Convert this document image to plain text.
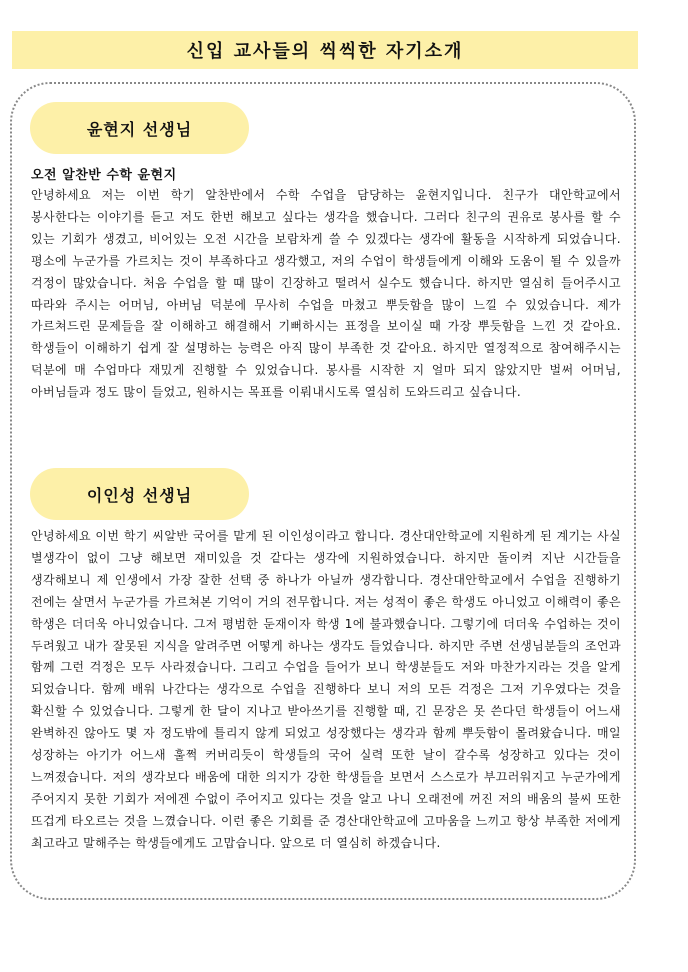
신입 교사들의 씩씩한 자기소개
윤현지 선생님
오전 알찬반 수학 윤현지

안녕하세요 저는 이번 학기 알찬반에서 수학 수업을 담당하는 윤현지입니다. 친구가 대안학교에서 봉사한다는 이야기를 듣고 저도 한번 해보고 싶다는 생각을 했습니다. 그러다 친구의 권유로 봉사를 할 수 있는 기회가 생겼고, 비어있는 오전 시간을 보람차게 쓸 수 있겠다는 생각에 활동을 시작하게 되었습니다. 평소에 누군가를 가르치는 것이 부족하다고 생각했고, 저의 수업이 학생들에게 이해와 도움이 될 수 있을까 걱정이 많았습니다. 처음 수업을 할 때 많이 긴장하고 떨려서 실수도 했습니다. 하지만 열심히 들어주시고 따라와 주시는 어머님, 아버님 덕분에 무사히 수업을 마쳤고 뿌듯함을 많이 느낄 수 있었습니다. 제가 가르쳐드린 문제들을 잘 이해하고 해결해서 기뻐하시는 표정을 보이실 때 가장 뿌듯함을 느낀 것 같아요. 학생들이 이해하기 쉽게 잘 설명하는 능력은 아직 많이 부족한 것 같아요. 하지만 열정적으로 참여해주시는 덕분에 매 수업마다 재밌게 진행할 수 있었습니다. 봉사를 시작한 지 얼마 되지 않았지만 벌써 어머님, 아버님들과 정도 많이 들었고, 원하시는 목표를 이뤄내시도록 열심히 도와드리고 싶습니다.

이인성 선생님

안녕하세요 이번 학기 씨알반 국어를 맡게 된 이인성이라고 합니다. 경산대안학교에 지원하게 된 계기는 사실 별생각이 없이 그냥 해보면 재미있을 것 같다는 생각에 지원하였습니다. 하지만 돌이켜 지난 시간들을 생각해보니 제 인생에서 가장 잘한 선택 중 하나가 아닐까 생각합니다. 경산대안학교에서 수업을 진행하기 전에는 살면서 누군가를 가르쳐본 기억이 거의 전무합니다. 저는 성적이 좋은 학생도 아니었고 이해력이 좋은 학생은 더더욱 아니었습니다. 그저 평범한 둔재이자 학생 1에 불과했습니다. 그렇기에 더더욱 수업하는 것이 두려웠고 내가 잘못된 지식을 알려주면 어떻게 하나는 생각도 들었습니다. 하지만 주변 선생님분들의 조언과 함께 그런 걱정은 모두 사라졌습니다. 그리고 수업을 들어가 보니 학생분들도 저와 마찬가지라는 것을 알게 되었습니다. 함께 배워 나간다는 생각으로 수업을 진행하다 보니 저의 모든 걱정은 그저 기우였다는 것을 확신할 수 있었습니다. 그렇게 한 달이 지나고 받아쓰기를 진행할 때, 긴 문장은 못 쓴다던 학생들이 어느새 완벽하진 않아도 몇 자 정도밖에 틀리지 않게 되었고 성장했다는 생각과 함께 뿌듯함이 몰려왔습니다. 매일 성장하는 아기가 어느새 훌쩍 커버리듯이 학생들의 국어 실력 또한 날이 갈수록 성장하고 있다는 것이 느껴졌습니다. 저의 생각보다 배움에 대한 의지가 강한 학생들을 보면서 스스로가 부끄러워지고 누군가에게 주어지지 못한 기회가 저에겐 수없이 주어지고 있다는 것을 알고 나니 오래전에 꺼진 저의 배움의 불씨 또한 뜨겁게 타오르는 것을 느꼈습니다. 이런 좋은 기회를 준 경산대안학교에 고마움을 느끼고 항상 부족한 저에게 최고라고 말해주는 학생들에게도 고맙습니다. 앞으로 더 열심히 하겠습니다.
